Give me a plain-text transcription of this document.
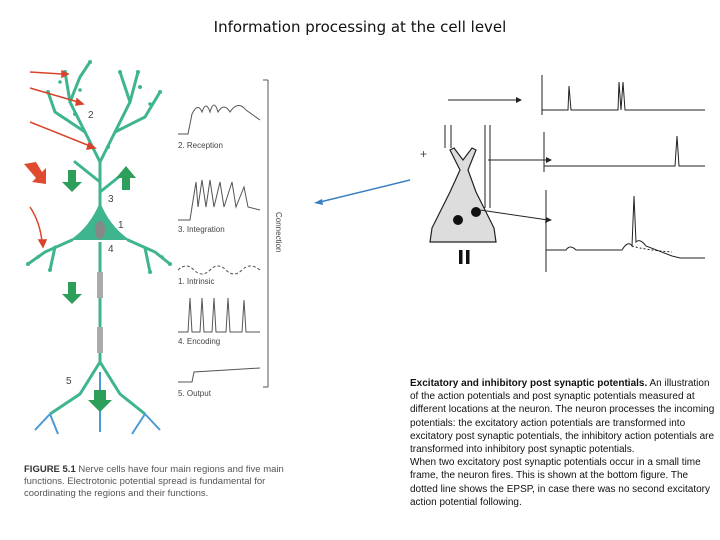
Information processing at the cell level
1
2
3
4
5
2. Reception
3. Integration
1. Intrinsic
4. Encoding
5. Output
Connection
FIGURE 5.1 Nerve cells have four main regions and five main functions. Electrotonic potential spread is fundamental for coordinating the regions and their functions.
+

Excitatory and inhibitory post synaptic potentials. An illustration of the action potentials and post synaptic potentials measured at different locations at the neuron. The neuron processes the incoming potentials: the excitatory action potentials are transformed into excitatory post synaptic potentials, the inhibitory action potentials are transformed into inhibitory post synaptic potentials.

When two excitatory post synaptic potentials occur in a small time frame, the neuron fires. This is shown at the bottom figure. The dotted line shows the EPSP, in case there was no second excitatory action potential following.
